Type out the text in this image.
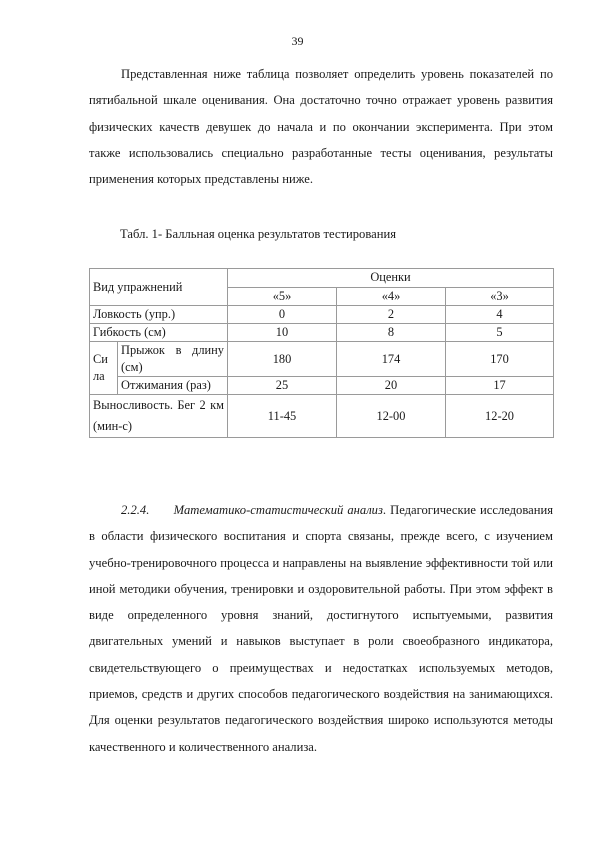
39

Представленная ниже таблица позволяет определить уровень показателей по пятибальной шкале оценивания. Она достаточно точно отражает уровень развития физических качеств девушек до начала и по окончании эксперимента. При этом также использовались специально разработанные тесты оценивания, результаты применения которых представлены ниже.

Табл. 1- Балльная оценка результатов тестирования
Вид упражнений		Оценки		
		«5»	«4»	«3»
Ловкость (упр.)		0	2	4
Гибкость (см)		10	8	5
Сила	Прыжок в длину (см)	180	174	170
	Отжимания (раз)	25	20	17
Выносливость. Бег 2 км (мин-с)		11-45	12-00	12-20

2.2.4. Математико-статистический анализ. Педагогические исследования в области физического воспитания и спорта связаны, прежде всего, с изучением учебно-тренировочного процесса и направлены на выявление эффективности той или иной методики обучения, тренировки и оздоровительной работы. При этом эффект в виде определенного уровня знаний, достигнутого испытуемыми, развития двигательных умений и навыков выступает в роли своеобразного индикатора, свидетельствующего о преимуществах и недостатках используемых методов, приемов, средств и других способов педагогического воздействия на занимающихся. Для оценки результатов педагогического воздействия широко используются методы качественного и количественного анализа.
